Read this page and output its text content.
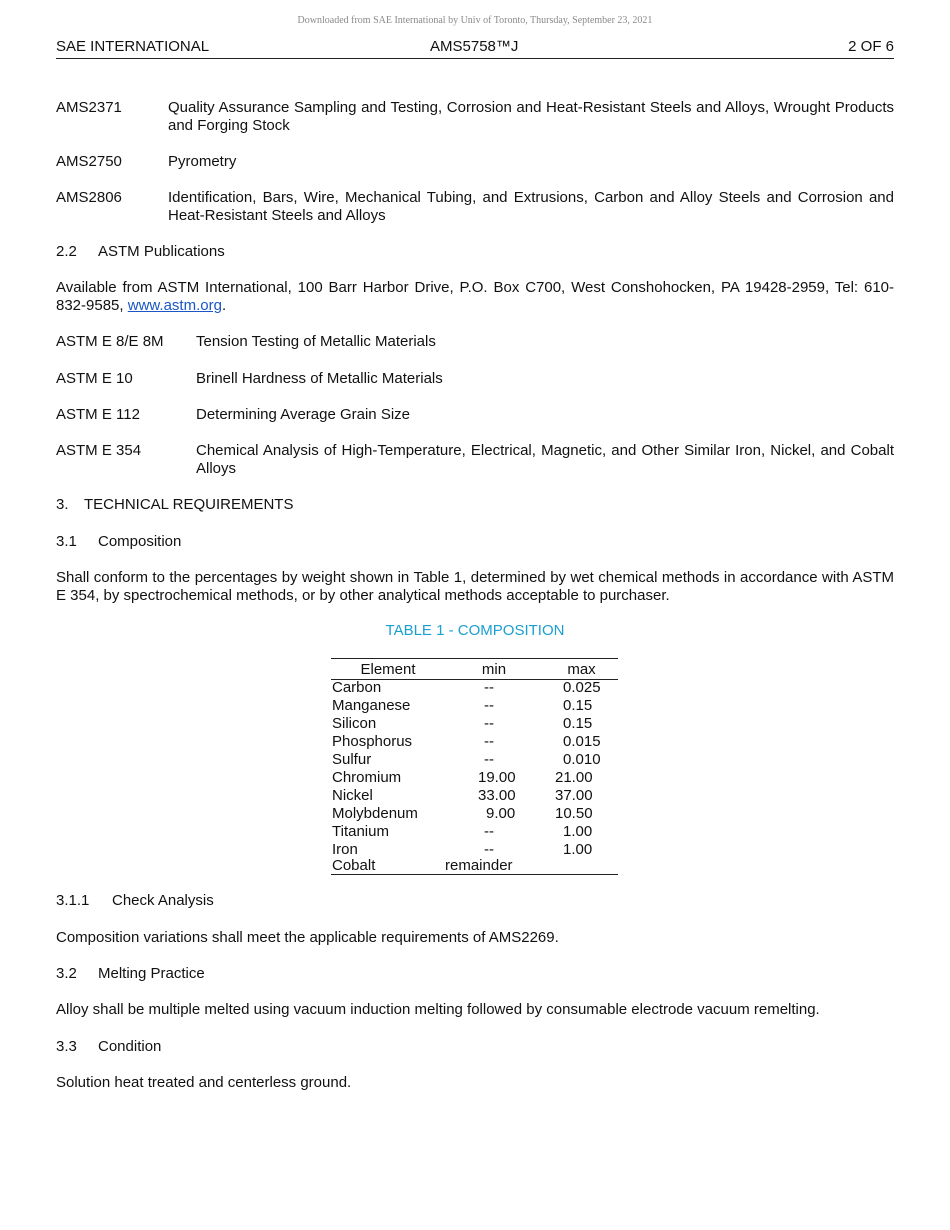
Downloaded from SAE International by Univ of Toronto, Thursday, September 23, 2021
SAE INTERNATIONAL	AMS5758™J	2 OF 6
AMS2371	Quality Assurance Sampling and Testing, Corrosion and Heat-Resistant Steels and Alloys, Wrought Products and Forging Stock
AMS2750	Pyrometry
AMS2806	Identification, Bars, Wire, Mechanical Tubing, and Extrusions, Carbon and Alloy Steels and Corrosion and Heat-Resistant Steels and Alloys
2.2 ASTM Publications
Available from ASTM International, 100 Barr Harbor Drive, P.O. Box C700, West Conshohocken, PA 19428-2959, Tel: 610-832-9585, www.astm.org.
ASTM E 8/E 8M Tension Testing of Metallic Materials
ASTM E 10	Brinell Hardness of Metallic Materials
ASTM E 112	Determining Average Grain Size
ASTM E 354	Chemical Analysis of High-Temperature, Electrical, Magnetic, and Other Similar Iron, Nickel, and Cobalt Alloys
3. TECHNICAL REQUIREMENTS
3.1 Composition
Shall conform to the percentages by weight shown in Table 1, determined by wet chemical methods in accordance with ASTM E 354, by spectrochemical methods, or by other analytical methods acceptable to purchaser.
TABLE 1 - COMPOSITION
Element	min	max
Carbon	--	0.025
Manganese	--	0.15
Silicon	--	0.15
Phosphorus	--	0.015
Sulfur	--	0.010
Chromium	19.00	21.00
Nickel	33.00	37.00
Molybdenum	9.00	10.50
Titanium	--	1.00
Iron	--	1.00
Cobalt	remainder
3.1.1 Check Analysis
Composition variations shall meet the applicable requirements of AMS2269.
3.2 Melting Practice
Alloy shall be multiple melted using vacuum induction melting followed by consumable electrode vacuum remelting.
3.3 Condition
Solution heat treated and centerless ground.
